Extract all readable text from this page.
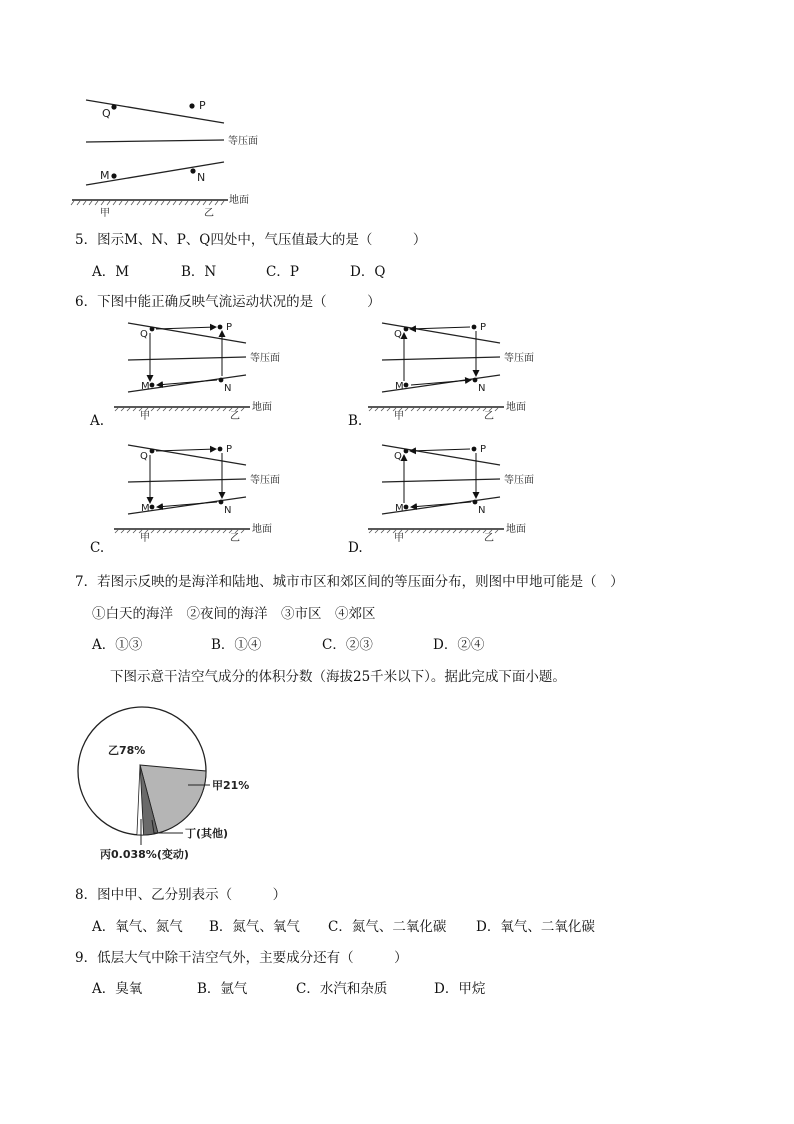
Q
P
M	N
等压面
地面
甲	乙
5．图示M、N、P、Q四处中，气压值最大的是（　　　）
A．M	B．N	C．P	D．Q
6．下图中能正确反映气流运动状况的是（　　　）
Q
P
M	N
等压面
地面
甲	乙
A.
Q
P
M	N
等压面
地面
甲	乙
B.
Q
P
M	N
等压面
地面
甲	乙
C.
Q
P
M	N
等压面
地面
甲	乙
D.
7．若图示反映的是海洋和陆地、城市市区和郊区间的等压面分布，则图中甲地可能是（　）
①白天的海洋　②夜间的海洋　③市区　④郊区
A．①③	B．①④	C．②③	D．②④
下图示意干洁空气成分的体积分数（海拔25千米以下）。据此完成下面小题。
乙78%
甲21%
丁(其他)
丙0.038%(变动)
8．图中甲、乙分别表示（　　　）
A．氧气、氮气 B．氮气、氧气 C．氮气、二氧化碳 D．氧气、二氧化碳
9．低层大气中除干洁空气外，主要成分还有（　　　）
A．臭氧	B．氩气	C．水汽和杂质	D．甲烷
